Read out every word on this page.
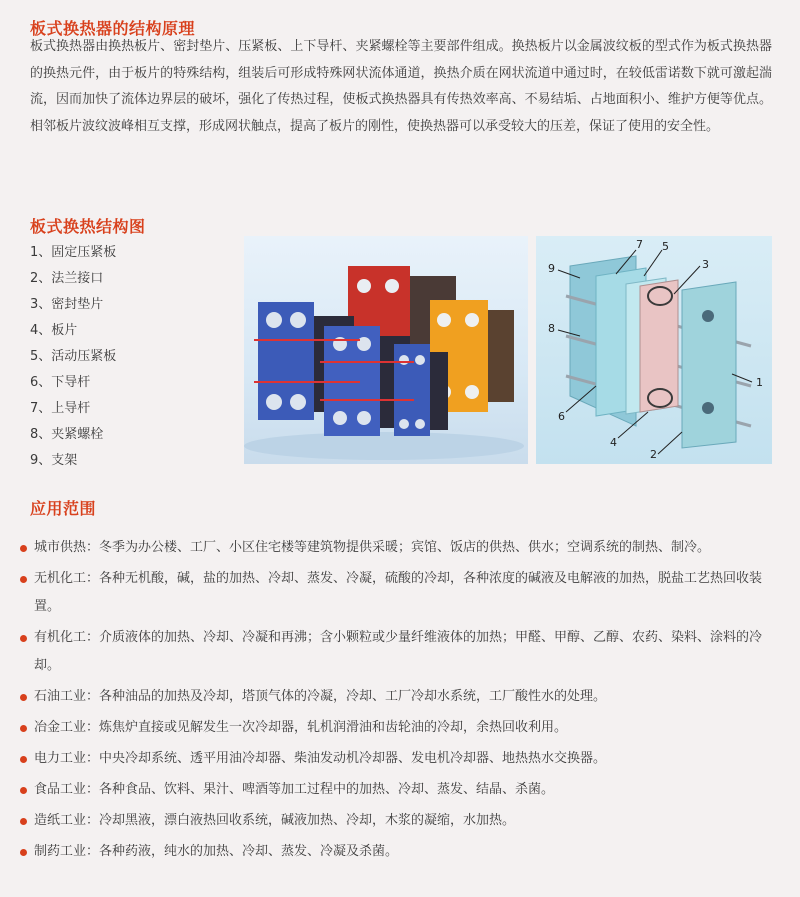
板式换热器的结构原理

板式换热器由换热板片、密封垫片、压紧板、上下导杆、夹紧螺栓等主要部件组成。换热板片以金属波纹板的型式作为板式换热器的换热元件，由于板片的特殊结构，组装后可形成特殊网状流体通道，换热介质在网状流道中通过时，在较低雷诺数下就可激起湍流，因而加快了流体边界层的破坏，强化了传热过程，使板式换热器具有传热效率高、不易结垢、占地面积小、维护方便等优点。相邻板片波纹波峰相互支撑，形成网状触点，提高了板片的刚性，使换热器可以承受较大的压差，保证了使用的安全性。

板式换热结构图
1、固定压紧板
2、法兰接口
3、密封垫片
4、板片
5、活动压紧板
6、下导杆
7、上导杆
8、夹紧螺栓
9、支架
1
2
3
4
5
6
7
8
9
应用范围
城市供热：冬季为办公楼、工厂、小区住宅楼等建筑物提供采暖；宾馆、饭店的供热、供水；空调系统的制热、制冷。
无机化工：各种无机酸，碱，盐的加热、冷却、蒸发、冷凝，硫酸的冷却，各种浓度的碱液及电解液的加热，脱盐工艺热回收装置。
有机化工：介质液体的加热、冷却、冷凝和再沸；含小颗粒或少量纤维液体的加热；甲醛、甲醇、乙醇、农药、染料、涂料的冷却。
石油工业：各种油品的加热及冷却，塔顶气体的冷凝，冷却、工厂冷却水系统，工厂酸性水的处理。
冶金工业：炼焦炉直接或见解发生一次冷却器，轧机润滑油和齿轮油的冷却，余热回收利用。
电力工业：中央冷却系统、透平用油冷却器、柴油发动机冷却器、发电机冷却器、地热热水交换器。
食品工业：各种食品、饮料、果汁、啤酒等加工过程中的加热、冷却、蒸发、结晶、杀菌。
造纸工业：冷却黑液，漂白液热回收系统，碱液加热、冷却，木浆的凝缩，水加热。
制药工业：各种药液，纯水的加热、冷却、蒸发、冷凝及杀菌。
